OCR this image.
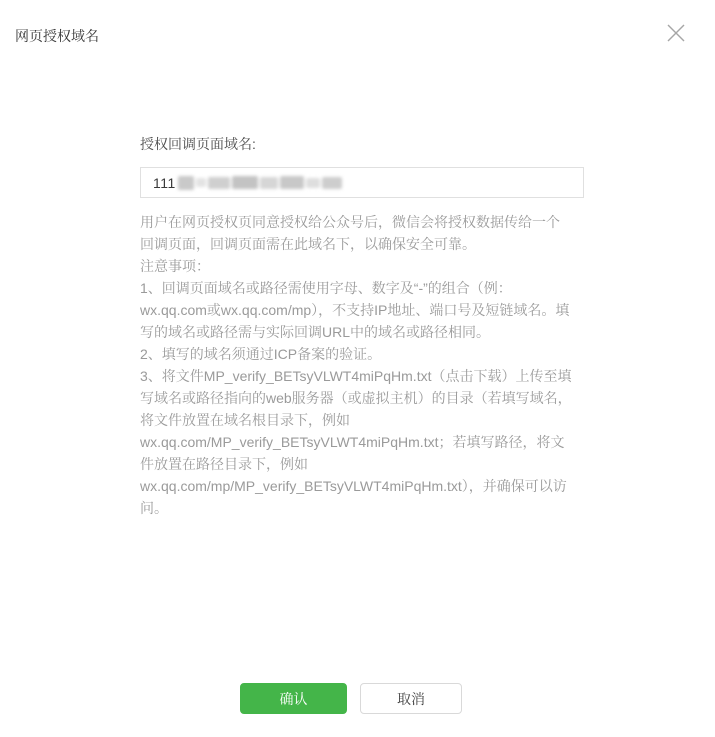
网页授权域名
授权回调页面域名:
111

用户在网页授权页同意授权给公众号后，微信会将授权数据传给一个回调页面，回调页面需在此域名下，以确保安全可靠。

注意事项：

1、回调页面域名或路径需使用字母、数字及“-”的组合（例：wx.qq.com或wx.qq.com/mp），不支持IP地址、端口号及短链域名。填写的域名或路径需与实际回调URL中的域名或路径相同。

2、填写的域名须通过ICP备案的验证。

3、将文件MP_verify_BETsyVLWT4miPqHm.txt（点击下载）上传至填写域名或路径指向的web服务器（或虚拟主机）的目录（若填写域名，将文件放置在域名根目录下，例如wx.qq.com/MP_verify_BETsyVLWT4miPqHm.txt；若填写路径，将文件放置在路径目录下，例如wx.qq.com/mp/MP_verify_BETsyVLWT4miPqHm.txt），并确保可以访问。

确认	取消
